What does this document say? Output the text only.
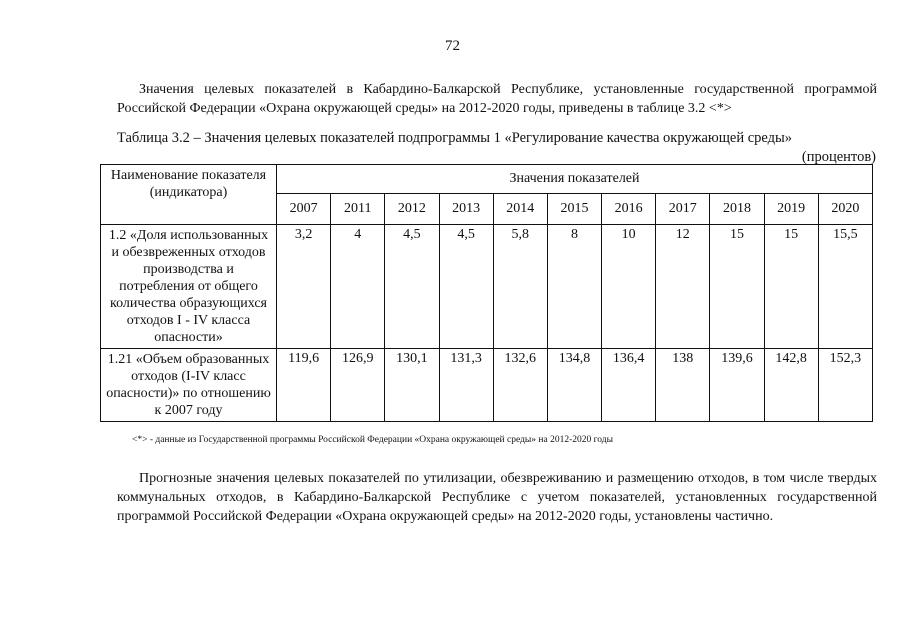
72

Значения целевых показателей в Кабардино-Балкарской Республике, установленные государственной программой Российской Федерации «Охрана окружающей среды» на 2012-2020 годы, приведены в таблице 3.2 <*>

Таблица 3.2 – Значения целевых показателей подпрограммы 1 «Регулирование качества окружающей среды»
(процентов)
Наименование показателя (индикатора)	Значения показателей										
	2007	2011	2012	2013	2014	2015	2016	2017	2018	2019	2020
1.2 «Доля использованных и обезвреженных отходов производства и потребления от общего количества образующихся отходов I - IV класса опасности»	3,2	4	4,5	4,5	5,8	8	10	12	15	15	15,5
1.21 «Объем образованных отходов (I-IV класс опасности)» по отношению к 2007 году	119,6	126,9	130,1	131,3	132,6	134,8	136,4	138	139,6	142,8	152,3
<*> - данные из Государственной программы Российской Федерации «Охрана окружающей среды» на 2012-2020 годы

Прогнозные значения целевых показателей по утилизации, обезвреживанию и размещению отходов, в том числе твердых коммунальных отходов, в Кабардино-Балкарской Республике с учетом показателей, установленных государственной программой Российской Федерации «Охрана окружающей среды» на 2012-2020 годы, установлены частично.
